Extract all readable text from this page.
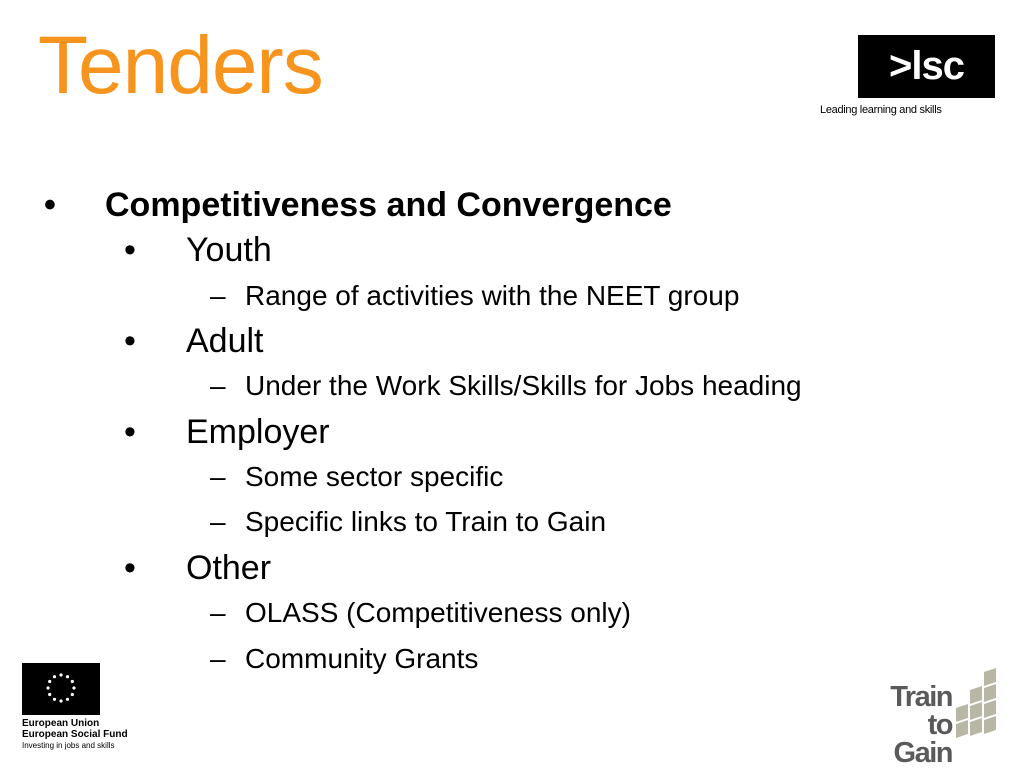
Tenders	>lsc
Leading learning and skills
• Competitiveness and Convergence
• Youth
– Range of activities with the NEET group
• Adult
– Under the Work Skills/Skills for Jobs heading
• Employer
– Some sector specific
– Specific links to Train to Gain
• Other
– OLASS (Competitiveness only)
– Community Grants
European Union
European Social Fund
Investing in jobs and skills
Train to
Gain
